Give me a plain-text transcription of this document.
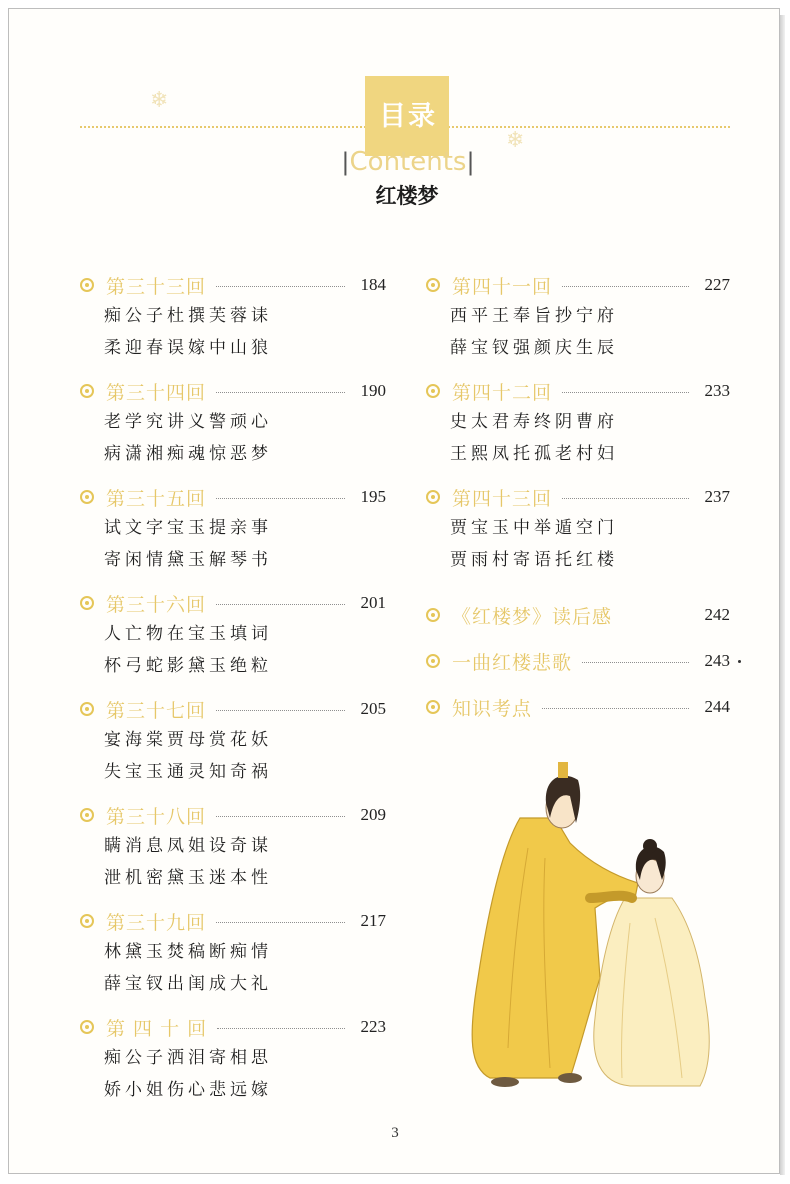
❄
❄
目录
|Contents|
红楼梦
第三十三回	184
痴公子杜撰芙蓉诔
柔迎春误嫁中山狼
第三十四回	190
老学究讲义警顽心
病潇湘痴魂惊恶梦
第三十五回	195
试文字宝玉提亲事
寄闲情黛玉解琴书
第三十六回	201
人亡物在宝玉填词
杯弓蛇影黛玉绝粒
第三十七回	205
宴海棠贾母赏花妖
失宝玉通灵知奇祸
第三十八回	209
瞒消息凤姐设奇谋
泄机密黛玉迷本性
第三十九回	217
林黛玉焚稿断痴情
薛宝钗出闺成大礼
第 四 十 回	223
痴公子洒泪寄相思
娇小姐伤心悲远嫁
第四十一回	227
西平王奉旨抄宁府
薛宝钗强颜庆生辰
第四十二回	233
史太君寿终阴曹府
王熙凤托孤老村妇
第四十三回	237
贾宝玉中举遁空门
贾雨村寄语托红楼
《红楼梦》读后感	242
一曲红楼悲歌	243
知识考点	244
3
